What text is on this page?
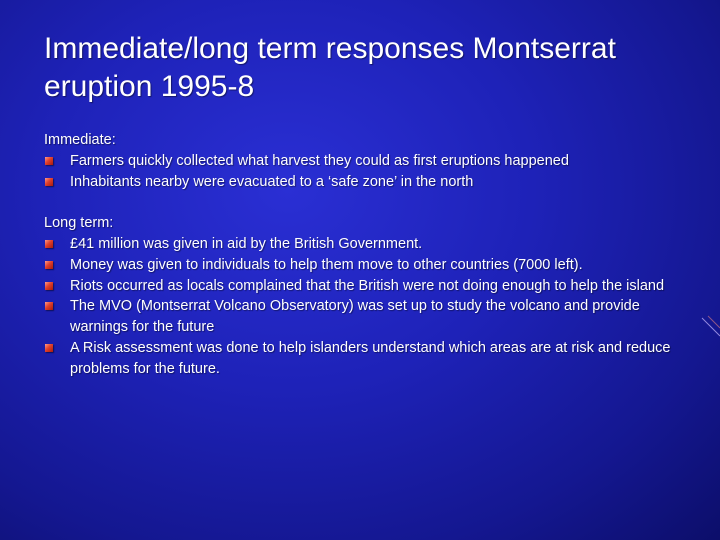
Immediate/long term responses Montserrat eruption 1995-8

Immediate:

Farmers quickly collected what harvest they could as first eruptions happened
Inhabitants nearby were evacuated to a ‘safe zone’ in the north

Long term:

£41 million was given in aid by the British Government.
Money was given to individuals to help them move to other countries (7000 left).
Riots occurred as locals complained that the British were not doing enough to help the island
The MVO (Montserrat Volcano Observatory) was set up to study the volcano and provide warnings for the future
A Risk assessment was done to help islanders understand which areas are at risk and reduce problems for the future.
